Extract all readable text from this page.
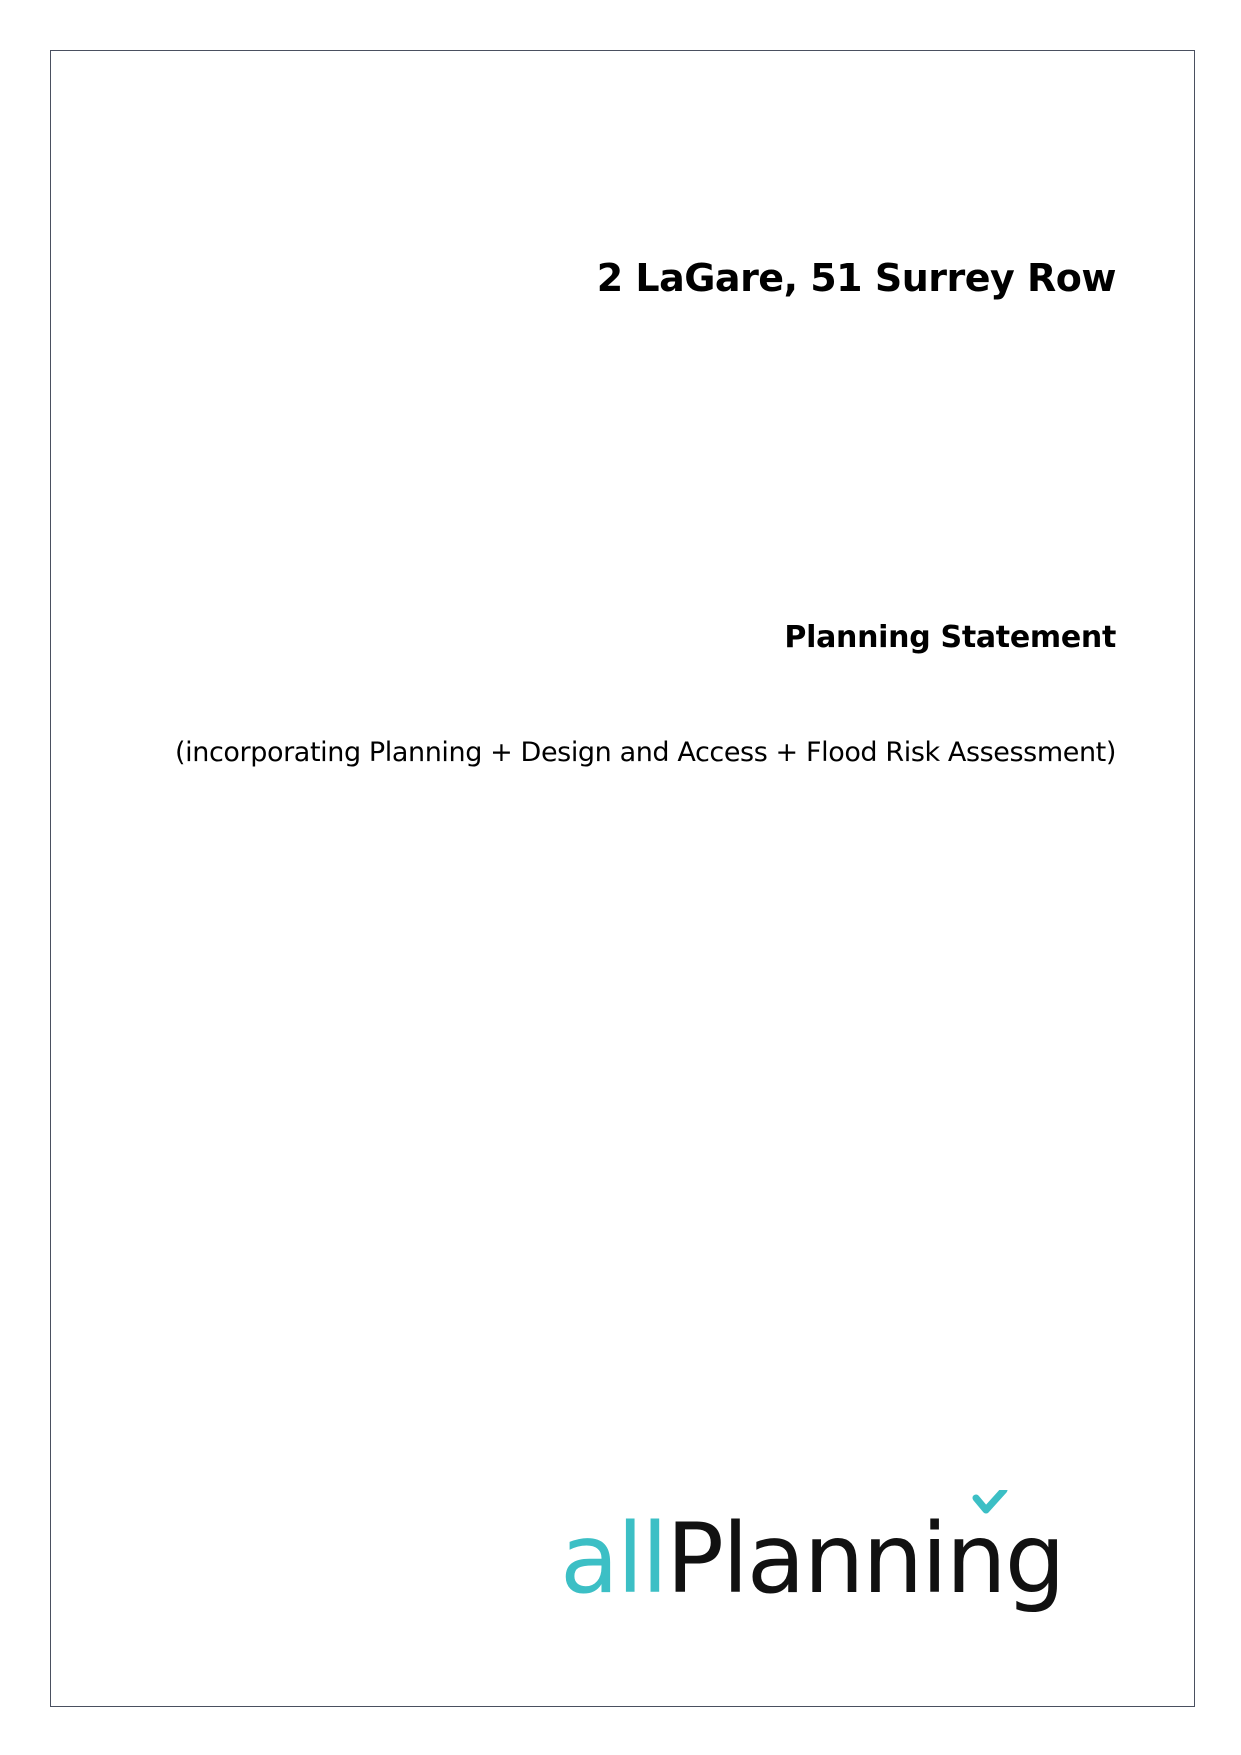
2 LaGare, 51 Surrey Row
Planning Statement

(incorporating Planning + Design and Access + Flood Risk Assessment)

allPlanning
